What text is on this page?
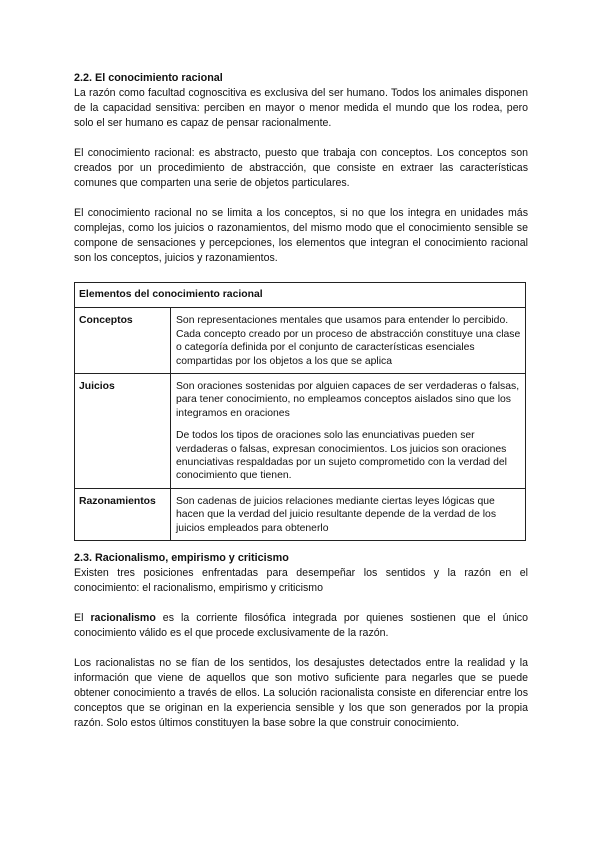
2.2. El conocimiento racional

La razón como facultad cognoscitiva es exclusiva del ser humano. Todos los animales disponen de la capacidad sensitiva: perciben en mayor o menor medida el mundo que los rodea, pero solo el ser humano es capaz de pensar racionalmente.

El conocimiento racional: es abstracto, puesto que trabaja con conceptos. Los conceptos son creados por un procedimiento de abstracción, que consiste en extraer las características comunes que comparten una serie de objetos particulares.

El conocimiento racional no se limita a los conceptos, si no que los integra en unidades más complejas, como los juicios o razonamientos, del mismo modo que el conocimiento sensible se compone de sensaciones y percepciones, los elementos que integran el conocimiento racional son los conceptos, juicios y razonamientos.

Elementos del conocimiento racional	
Conceptos	Son representaciones mentales que usamos para entender lo percibido. Cada concepto creado por un proceso de abstracción constituye una clase o categoría definida por el conjunto de características esenciales compartidas por los objetos a los que se aplica

Juicios	Son oraciones sostenidas por alguien capaces de ser verdaderas o falsas, para tener conocimiento, no empleamos conceptos aislados sino que los integramos en oraciones

De todos los tipos de oraciones solo las enunciativas pueden ser verdaderas o falsas, expresan conocimientos. Los juicios son oraciones enunciativas respaldadas por un sujeto comprometido con la verdad del conocimiento que tienen.

Razonamientos	Son cadenas de juicios relaciones mediante ciertas leyes lógicas que hacen que la verdad del juicio resultante depende de la verdad de los juicios empleados para obtenerlo

2.3. Racionalismo, empirismo y criticismo

Existen tres posiciones enfrentadas para desempeñar los sentidos y la razón en el conocimiento: el racionalismo, empirismo y criticismo

El racionalismo es la corriente filosófica integrada por quienes sostienen que el único conocimiento válido es el que procede exclusivamente de la razón.

Los racionalistas no se fían de los sentidos, los desajustes detectados entre la realidad y la información que viene de aquellos que son motivo suficiente para negarles que se puede obtener conocimiento a través de ellos. La solución racionalista consiste en diferenciar entre los conceptos que se originan en la experiencia sensible y los que son generados por la propia razón. Solo estos últimos constituyen la base sobre la que construir conocimiento.
